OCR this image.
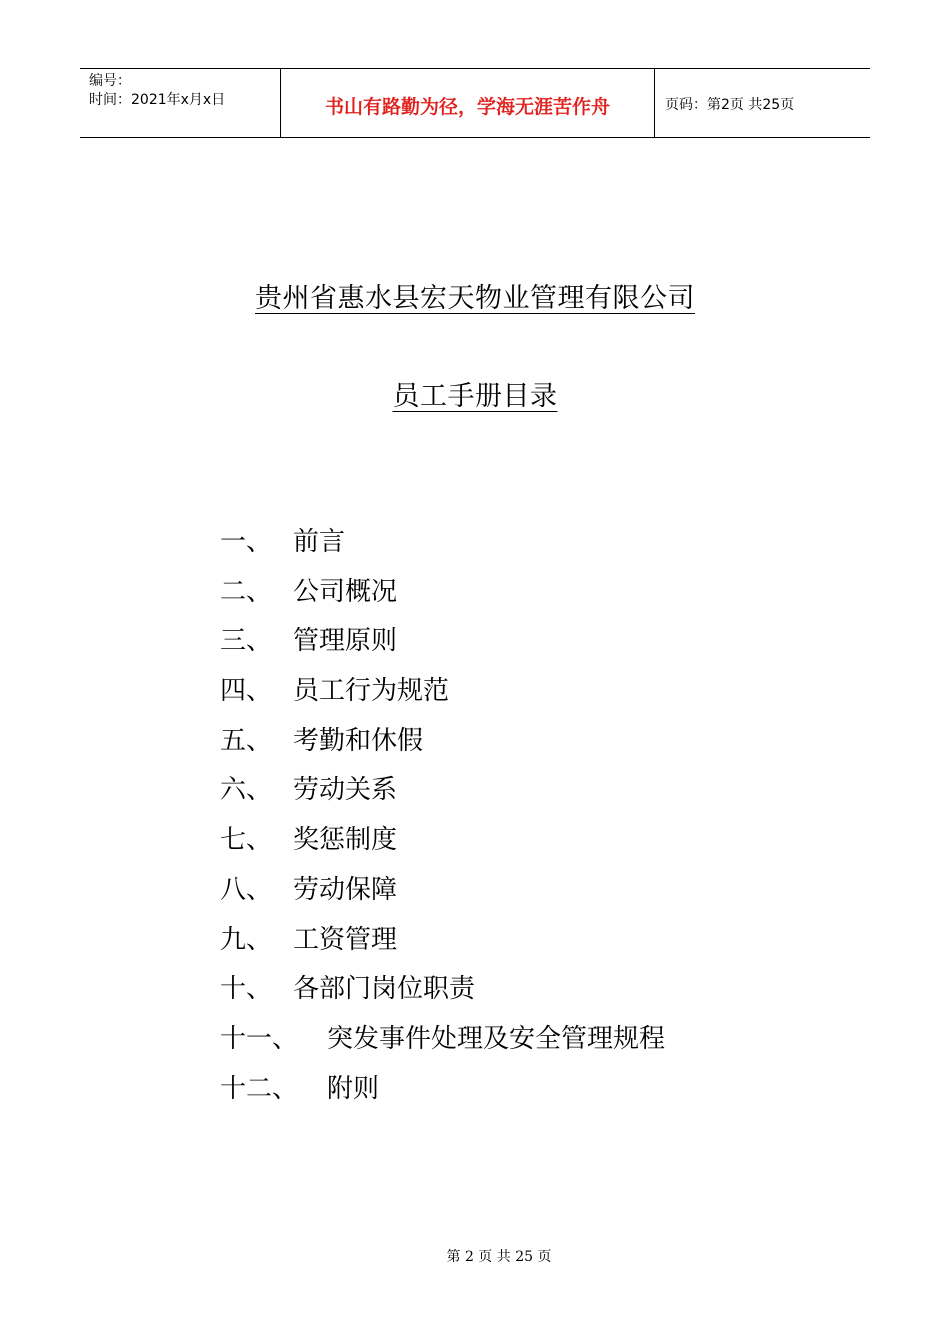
编号：
时间：2021年x月x日	书山有路勤为径，学海无涯苦作舟	页码：第2页 共25页
贵州省惠水县宏天物业管理有限公司
员工手册目录
一、 前言
二、 公司概况
三、 管理原则
四、 员工行为规范
五、 考勤和休假
六、 劳动关系
七、 奖惩制度
八、 劳动保障
九、 工资管理
十、 各部门岗位职责
十一、 突发事件处理及安全管理规程
十二、 附则
第 2 页 共 25 页
